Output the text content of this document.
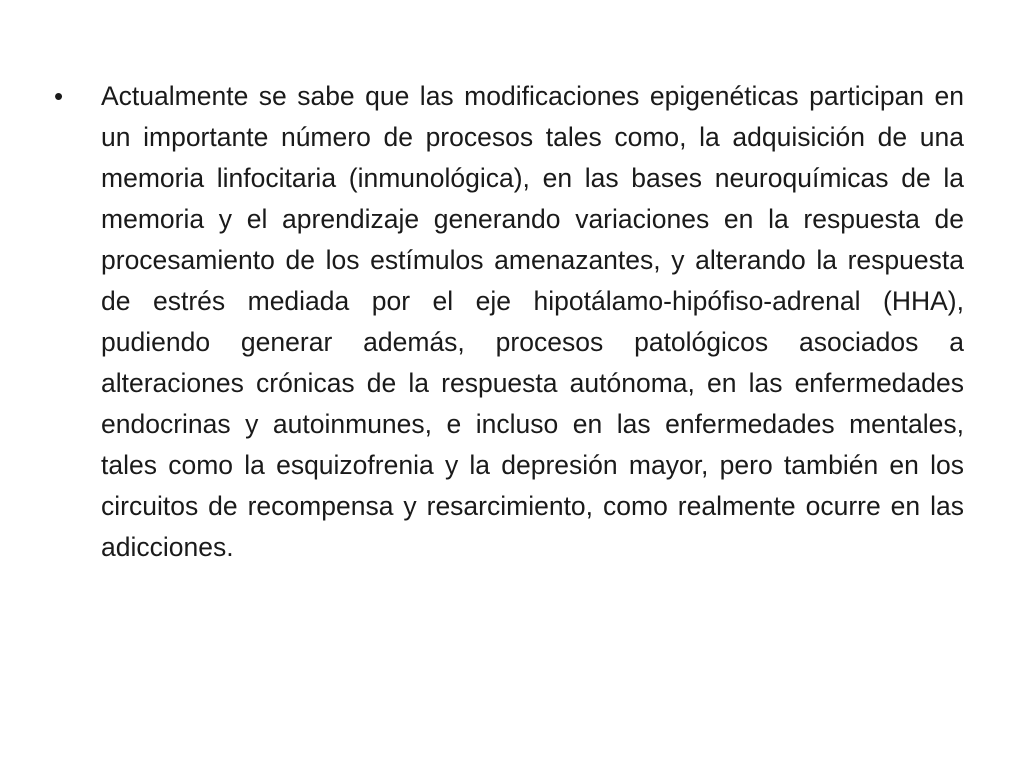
•	Actualmente se sabe que las modificaciones epigenéticas participan en un importante número de procesos tales como, la adquisición de una memoria linfocitaria (inmunológica), en las bases neuroquímicas de la memoria y el aprendizaje generando variaciones en la respuesta de procesamiento de los estímulos amenazantes, y alterando la respuesta de estrés mediada por el eje hipotálamo-hipófiso-adrenal (HHA), pudiendo generar además, procesos patológicos asociados a alteraciones crónicas de la respuesta autónoma, en las enfermedades endocrinas y autoinmunes, e incluso en las enfermedades mentales, tales como la esquizofrenia y la depresión mayor, pero también en los circuitos de recompensa y resarcimiento, como realmente ocurre en las adicciones.
